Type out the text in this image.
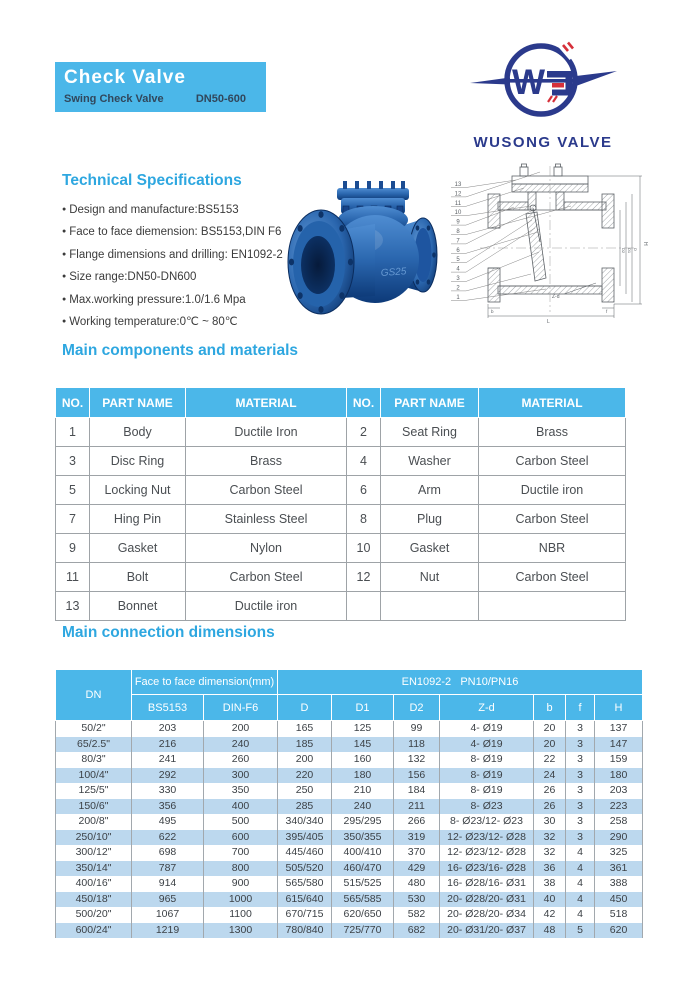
Check Valve
Swing Check Valve	DN50-600	W
WUSONG VALVE
Technical Specifications
● Design and manufacture:BS5153
● Face to face diemension: BS5153,DIN F6
● Flange dimensions and drilling: EN1092-2
● Size range:DN50-DN600
● Max.working pressure:1.0/1.6 Mpa
● Working temperature:0℃ ~ 80℃
GS25
H
D2 D1 D
L
b	f
Z-d
13
12
11
10
9
8
7
6
5
4
3
2
1
Main components and materials
NO.	PART NAME	MATERIAL	NO.	PART NAME	MATERIAL
1	Body	Ductile Iron	2	Seat Ring	Brass
3	Disc Ring	Brass	4	Washer	Carbon Steel
5	Locking Nut	Carbon Steel	6	Arm	Ductile iron
7	Hing Pin	Stainless Steel	8	Plug	Carbon Steel
9	Gasket	Nylon	10	Gasket	NBR
11	Bolt	Carbon Steel	12	Nut	Carbon Steel
13	Bonnet	Ductile iron			
Main connection dimensions
DN	Face to face dimension(mm)		EN1092-2   PN10/PN16						
	BS5153	DIN-F6	D	D1	D2	Z-d	b	f	H
50/2"	203	200	165	125	99	4- Ø19	20	3	137
65/2.5"	216	240	185	145	118	4- Ø19	20	3	147
80/3"	241	260	200	160	132	8- Ø19	22	3	159
100/4"	292	300	220	180	156	8- Ø19	24	3	180
125/5"	330	350	250	210	184	8- Ø19	26	3	203
150/6"	356	400	285	240	211	8- Ø23	26	3	223
200/8"	495	500	340/340	295/295	266	8- Ø23/12- Ø23	30	3	258
250/10"	622	600	395/405	350/355	319	12- Ø23/12- Ø28	32	3	290
300/12"	698	700	445/460	400/410	370	12- Ø23/12- Ø28	32	4	325
350/14"	787	800	505/520	460/470	429	16- Ø23/16- Ø28	36	4	361
400/16"	914	900	565/580	515/525	480	16- Ø28/16- Ø31	38	4	388
450/18"	965	1000	615/640	565/585	530	20- Ø28/20- Ø31	40	4	450
500/20"	1067	1100	670/715	620/650	582	20- Ø28/20- Ø34	42	4	518
600/24"	1219	1300	780/840	725/770	682	20- Ø31/20- Ø37	48	5	620
